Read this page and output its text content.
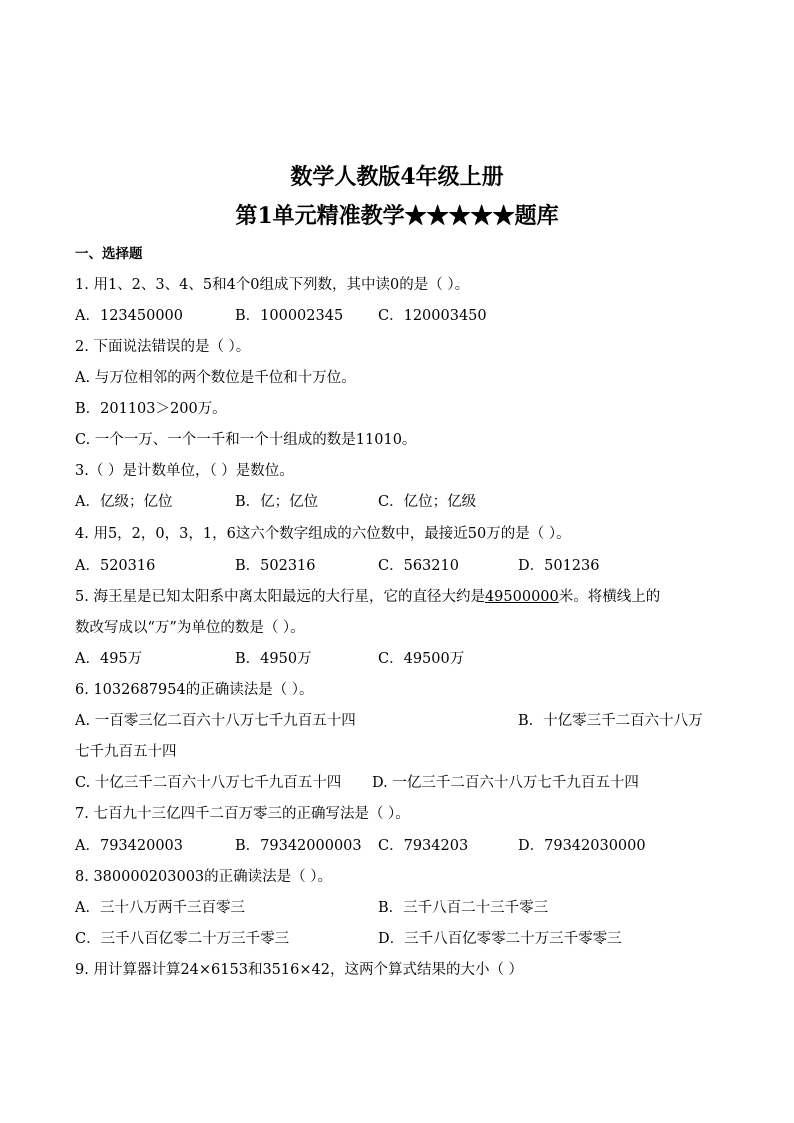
数学人教版4年级上册
第1单元精准教学★★★★★题库
一、选择题
1. 用1、2、3、4、5和4个0组成下列数，其中读0的是（ ）。
A．123450000	B．100002345 C．120003450
2. 下面说法错误的是（ ）。
A. 与万位相邻的两个数位是千位和十万位。
B．201103＞200万。
C. 一个一万、一个一千和一个十组成的数是11010。
3.（ ）是计数单位，（ ）是数位。
A．亿级；亿位	B．亿；亿位	C．亿位；亿级
4. 用5，2，0，3，1，6这六个数字组成的六位数中，最接近50万的是（ ）。
A．520316	B．502316	C．563210	D．501236
5. 海王星是已知太阳系中离太阳最远的大行星，它的直径大约是49500000米。将横线上的
数改写成以“万”为单位的数是（ ）。
A．495万	B．4950万	C．49500万
6. 1032687954的正确读法是（ ）。
A. 一百零三亿二百六十八万七千九百五十四	B．十亿零三千二百六十八万
七千九百五十四
C. 十亿三千二百六十八万七千九百五十四 D. 一亿三千二百六十八万七千九百五十四
7. 七百九十三亿四千二百万零三的正确写法是（ ）。
A．793420003	B．79342000003 C．7934203	D．79342030000
8. 380000203003的正确读法是（ ）。
A．三十八万两千三百零三	B．三千八百二十三千零三
C．三千八百亿零二十万三千零三	D．三千八百亿零零二十万三千零零三
9. 用计算器计算24×6153和3516×42，这两个算式结果的大小（ ）
